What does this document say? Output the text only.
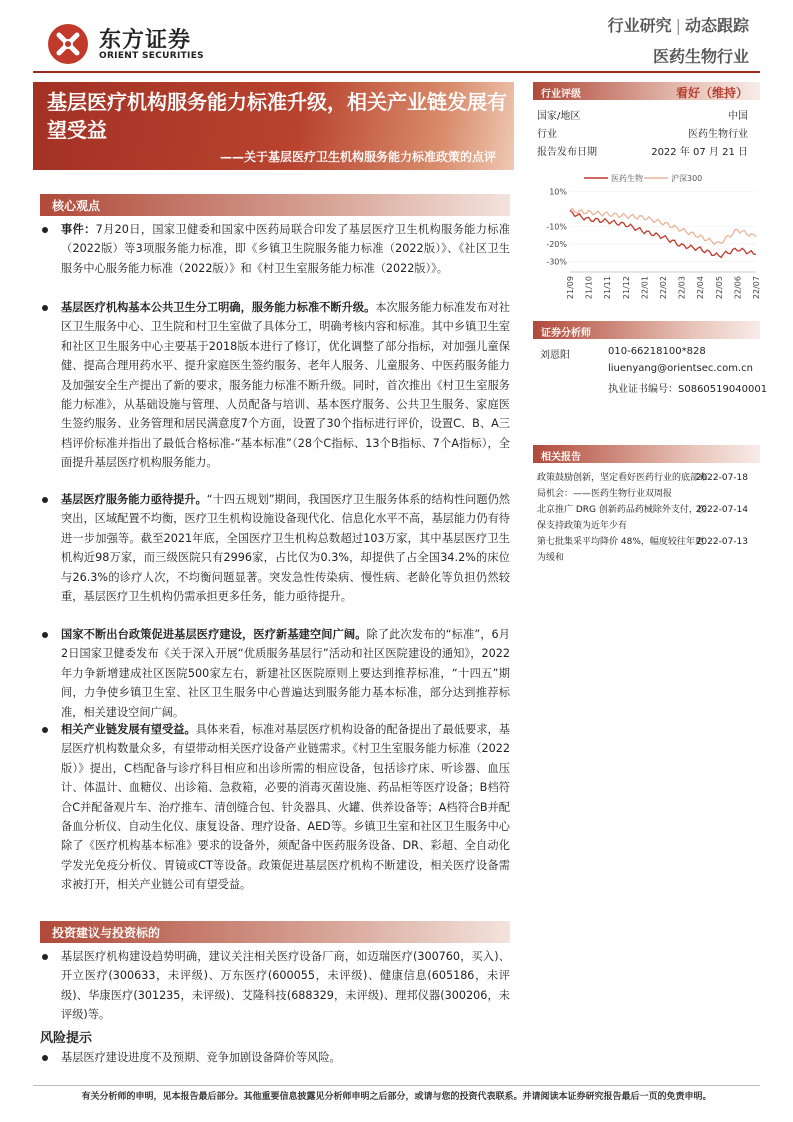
东方证券
ORIENT SECURITIES
行业研究 | 动态跟踪
医药生物行业
基层医疗机构服务能力标准升级，相关产业链发展有望受益
——关于基层医疗卫生机构服务能力标准政策的点评
核心观点
事件：7月20日，国家卫健委和国家中医药局联合印发了基层医疗卫生机构服务能力标准（2022版）等3项服务能力标准，即《乡镇卫生院服务能力标准（2022版）》、《社区卫生服务中心服务能力标准（2022版）》和《村卫生室服务能力标准（2022版）》。
基层医疗机构基本公共卫生分工明确，服务能力标准不断升级。本次服务能力标准发布对社区卫生服务中心、卫生院和村卫生室做了具体分工，明确考核内容和标准。其中乡镇卫生室和社区卫生服务中心主要基于2018版本进行了修订，优化调整了部分指标，对加强儿童保健、提高合理用药水平、提升家庭医生签约服务、老年人服务、儿童服务、中医药服务能力及加强安全生产提出了新的要求，服务能力标准不断升级。同时，首次推出《村卫生室服务能力标准》，从基础设施与管理、人员配备与培训、基本医疗服务、公共卫生服务、家庭医生签约服务、业务管理和居民满意度7个方面，设置了30个指标进行评价，设置C、B、A三档评价标准并指出了最低合格标准-“基本标准”（28个C指标、13个B指标、7个A指标），全面提升基层医疗机构服务能力。
基层医疗服务能力亟待提升。“十四五规划”期间，我国医疗卫生服务体系的结构性问题仍然突出，区域配置不均衡，医疗卫生机构设施设备现代化、信息化水平不高，基层能力仍有待进一步加强等。截至2021年底，全国医疗卫生机构总数超过103万家，其中基层医疗卫生机构近98万家，而三级医院只有2996家，占比仅为0.3%，却提供了占全国34.2%的床位与26.3%的诊疗人次，不均衡问题显著。突发急性传染病、慢性病、老龄化等负担仍然较重，基层医疗卫生机构仍需承担更多任务，能力亟待提升。
国家不断出台政策促进基层医疗建设，医疗新基建空间广阔。除了此次发布的“标准”，6月2日国家卫健委发布《关于深入开展“优质服务基层行”活动和社区医院建设的通知》，2022年力争新增建成社区医院500家左右，新建社区医院原则上要达到推荐标准，“十四五”期间，力争使乡镇卫生室、社区卫生服务中心普遍达到服务能力基本标准，部分达到推荐标准，相关建设空间广阔。
相关产业链发展有望受益。具体来看，标准对基层医疗机构设备的配备提出了最低要求，基层医疗机构数量众多，有望带动相关医疗设备产业链需求。《村卫生室服务能力标准（2022版）》提出，C档配备与诊疗科目相应和出诊所需的相应设备，包括诊疗床、听诊器、血压计、体温计、血糖仪、出诊箱、急救箱，必要的消毒灭菌设施、药品柜等医疗设备；B档符合C并配备观片车、治疗推车、清创缝合包、针灸器具、火罐、供养设备等；A档符合B并配备血分析仪、自动生化仪、康复设备、理疗设备、AED等。乡镇卫生室和社区卫生服务中心除了《医疗机构基本标准》要求的设备外，须配备中医药服务设备、DR、彩超、全自动化学发光免疫分析仪、胃镜或CT等设备。政策促进基层医疗机构不断建设，相关医疗设备需求被打开，相关产业链公司有望受益。
投资建议与投资标的
基层医疗机构建设趋势明确，建议关注相关医疗设备厂商，如迈瑞医疗(300760，买入)、开立医疗(300633，未评级)、万东医疗(600055，未评级)、健康信息(605186，未评级)、华康医疗(301235，未评级)、艾隆科技(688329，未评级)、理邦仪器(300206，未评级)等。
风险提示
基层医疗建设进度不及预期、竞争加剧设备降价等风险。
有关分析师的申明，见本报告最后部分。其他重要信息披露见分析师申明之后部分，或请与您的投资代表联系。并请阅读本证券研究报告最后一页的免责申明。
行业评级	看好（维持）
国家/地区	中国
行业	医药生物行业
报告发布日期	2022 年 07 月 21 日
医药生物	沪深300
10%
-10%
-20%
-30%
21/09 21/10 21/11 21/12 22/01 22/02 22/03 22/04 22/05 22/06 22/07
证券分析师
刘恩阳	010-66218100*828
liuenyang@orientsec.com.cn
执业证书编号：S0860519040001
相关报告
政策鼓励创新，坚定看好医药行业的底部布局机会：——医药生物行业双周报
2022-07-18
北京推广 DRG 创新药品药械除外支付，医保支持政策为近年少有
2022-07-14
第七批集采平均降价 48%，幅度较往年更为缓和
2022-07-13
